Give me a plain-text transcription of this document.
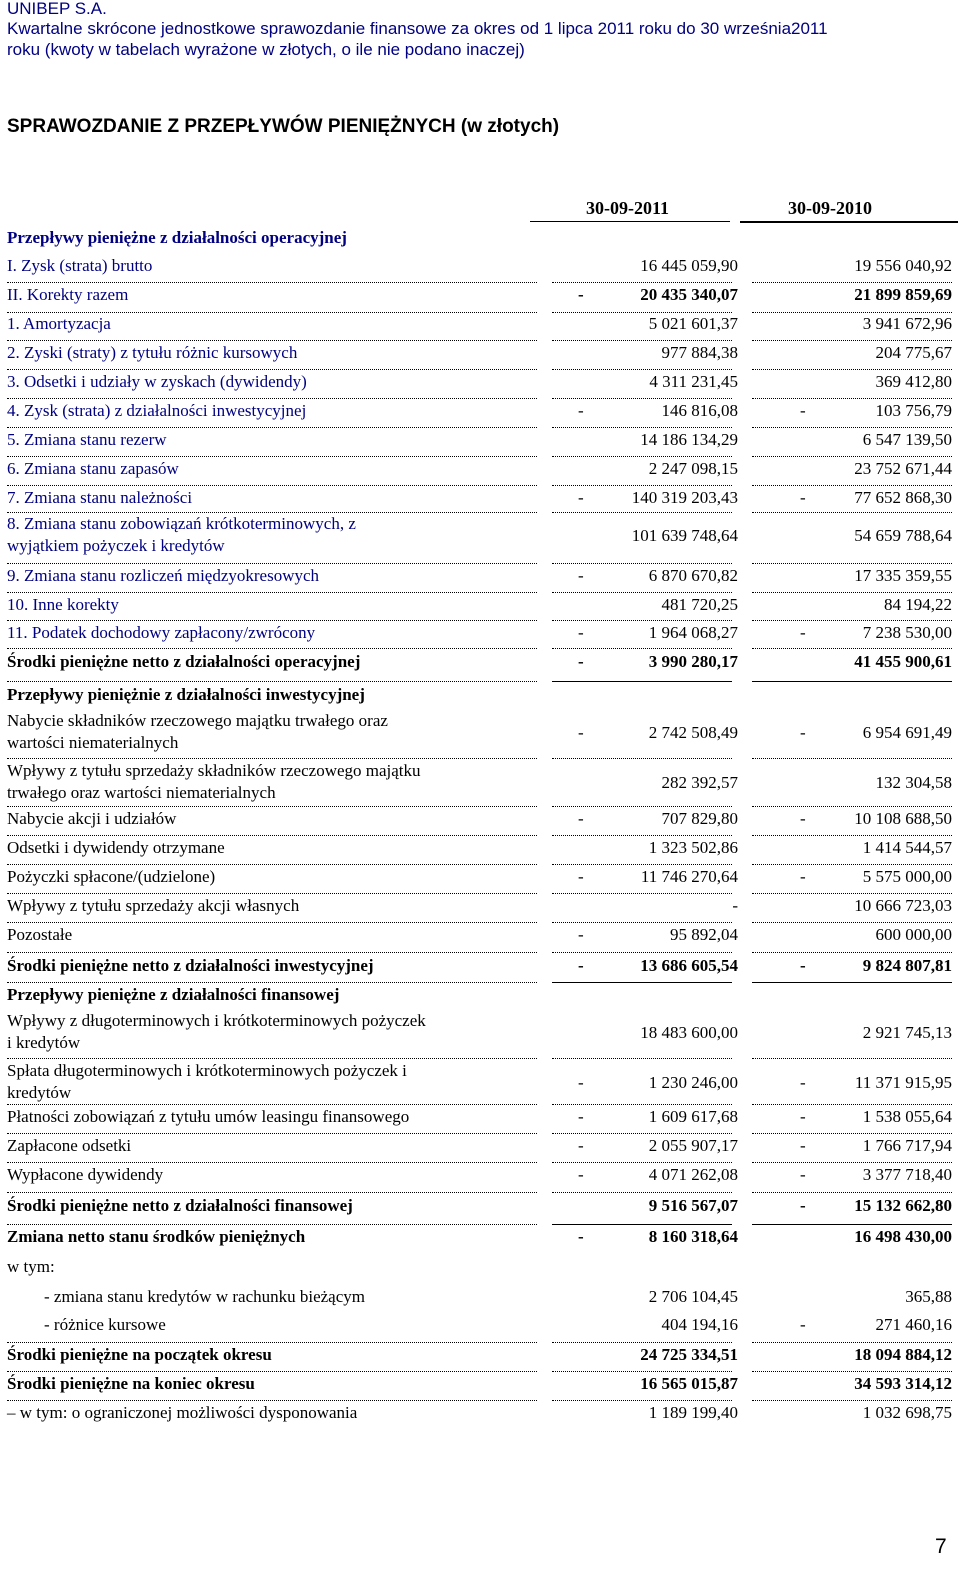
UNIBEP S.A.
Kwartalne skrócone jednostkowe sprawozdanie finansowe za okres od 1 lipca 2011 roku do 30 września2011
roku (kwoty w tabelach wyrażone w złotych, o ile nie podano inaczej)
SPRAWOZDANIE Z PRZEPŁYWÓW PIENIĘŻNYCH (w złotych)
30-09-2011	30-09-2010
Przepływy pieniężne z działalności operacyjnej
I. Zysk (strata) brutto	16 445 059,90	19 556 040,92
II. Korekty razem	-	20 435 340,07	21 899 859,69
1. Amortyzacja	5 021 601,37	3 941 672,96
2. Zyski (straty) z tytułu różnic kursowych	977 884,38	204 775,67
3. Odsetki i udziały w zyskach (dywidendy)	4 311 231,45	369 412,80
4. Zysk (strata) z działalności inwestycyjnej	-	146 816,08	-	103 756,79
5. Zmiana stanu rezerw	14 186 134,29	6 547 139,50
6. Zmiana stanu zapasów	2 247 098,15	23 752 671,44
7. Zmiana stanu należności	-	140 319 203,43	-	77 652 868,30
8. Zmiana stanu zobowiązań krótkoterminowych, z
wyjątkiem pożyczek i kredytów
101 639 748,64	54 659 788,64
9. Zmiana stanu rozliczeń międzyokresowych	-	6 870 670,82	17 335 359,55
10. Inne korekty	481 720,25	84 194,22
11. Podatek dochodowy zapłacony/zwrócony	-	1 964 068,27	-	7 238 530,00
Środki pieniężne netto z działalności operacyjnej	-	3 990 280,17	41 455 900,61
Przepływy pieniężnie z działalności inwestycyjnej
Nabycie składników rzeczowego majątku trwałego oraz
wartości niematerialnych
-	2 742 508,49	-	6 954 691,49
Wpływy z tytułu sprzedaży składników rzeczowego majątku
trwałego oraz wartości niematerialnych
282 392,57	132 304,58
Nabycie akcji i udziałów	-	707 829,80	-	10 108 688,50
Odsetki i dywidendy otrzymane	1 323 502,86	1 414 544,57
Pożyczki spłacone/(udzielone)	-	11 746 270,64	-	5 575 000,00
Wpływy z tytułu sprzedaży akcji własnych	-	10 666 723,03
Pozostałe	-	95 892,04	600 000,00
Środki pieniężne netto z działalności inwestycyjnej	-	13 686 605,54	-	9 824 807,81
Przepływy pieniężne z działalności finansowej
Wpływy z długoterminowych i krótkoterminowych pożyczek
i kredytów
18 483 600,00	2 921 745,13
Spłata długoterminowych i krótkoterminowych pożyczek i
kredytów
-	1 230 246,00	-	11 371 915,95
Płatności zobowiązań z tytułu umów leasingu finansowego	-	1 609 617,68	-	1 538 055,64
Zapłacone odsetki	-	2 055 907,17	-	1 766 717,94
Wypłacone dywidendy	-	4 071 262,08	-	3 377 718,40
Środki pieniężne netto z działalności finansowej	9 516 567,07	-	15 132 662,80
Zmiana netto stanu środków pieniężnych	-	8 160 318,64	16 498 430,00
w tym:
- zmiana stanu kredytów w rachunku bieżącym	2 706 104,45	365,88
- różnice kursowe	404 194,16	-	271 460,16
Środki pieniężne na początek okresu	24 725 334,51	18 094 884,12
Środki pieniężne na koniec okresu	16 565 015,87	34 593 314,12
– w tym: o ograniczonej możliwości dysponowania	1 189 199,40	1 032 698,75
7
